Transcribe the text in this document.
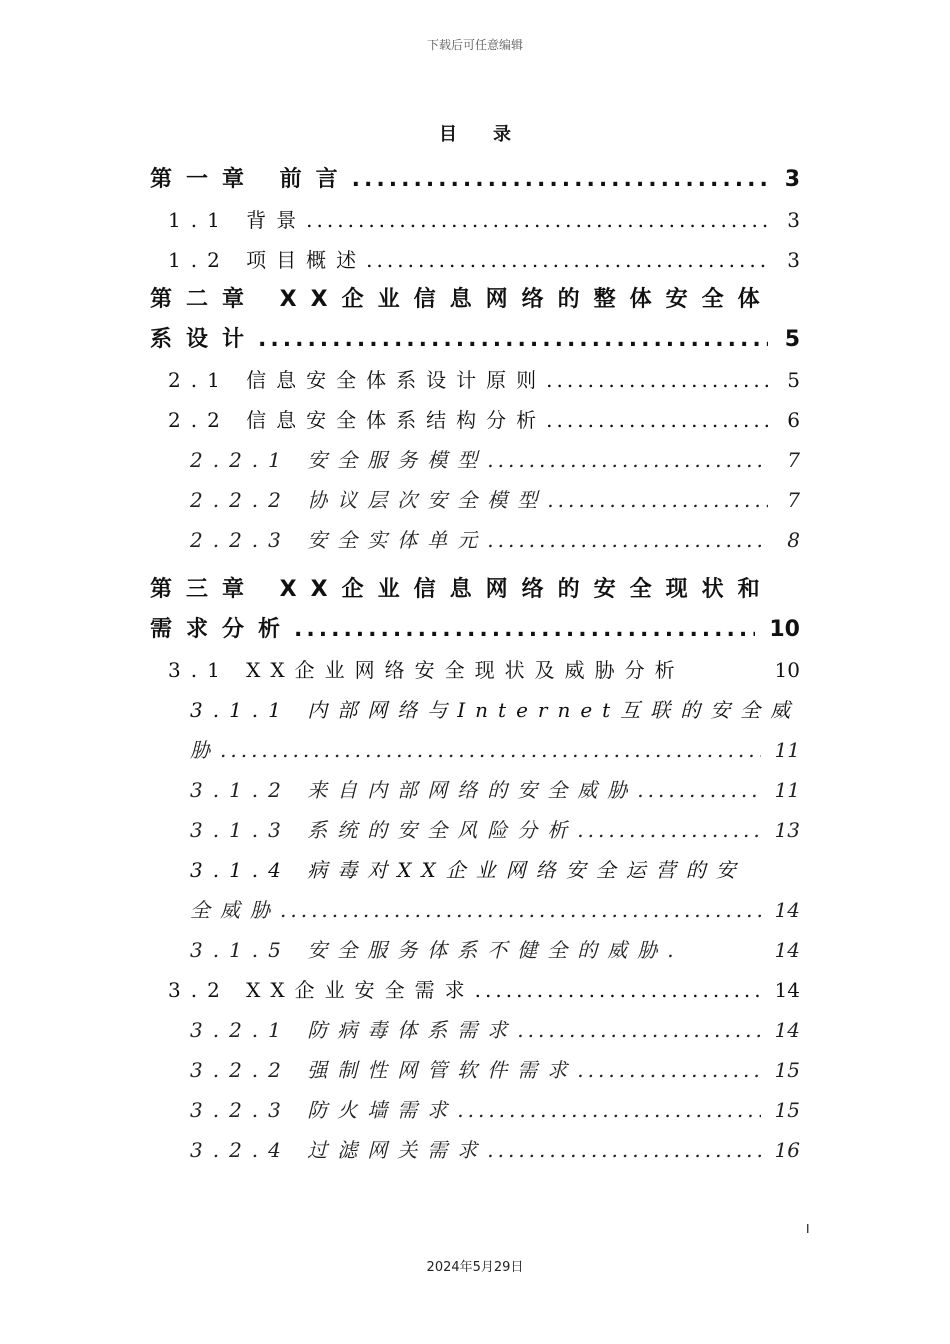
下载后可任意编辑
目录
第一章 前言 .....	3
1.1 背景 .....	3
1.2 项目概述 .....	3
第二章 XX企业信息网络的整体安全体
系设计 .....	5
2.1 信息安全体系设计原则 .....	5
2.2 信息安全体系结构分析 .....	6
2.2.1 安全服务模型 .....	7
2.2.2 协议层次安全模型 .....	7
2.2.3 安全实体单元 .....	8
第三章 XX企业信息网络的安全现状和
需求分析 .....	10
3.1 XX企业网络安全现状及威胁分析	10
3.1.1 内部网络与Internet互联的安全威
胁 .....	11
3.1.2 来自内部网络的安全威胁 .....	11
3.1.3 系统的安全风险分析 .....	13
3.1.4 病毒对XX企业网络安全运营的安
全威胁 .....	14
3.1.5 安全服务体系不健全的威胁.	14
3.2 XX企业安全需求 .....	14
3.2.1 防病毒体系需求 .....	14
3.2.2 强制性网管软件需求 .....	15
3.2.3 防火墙需求 .....	15
3.2.4 过滤网关需求 .....	16
I
2024年5月29日
